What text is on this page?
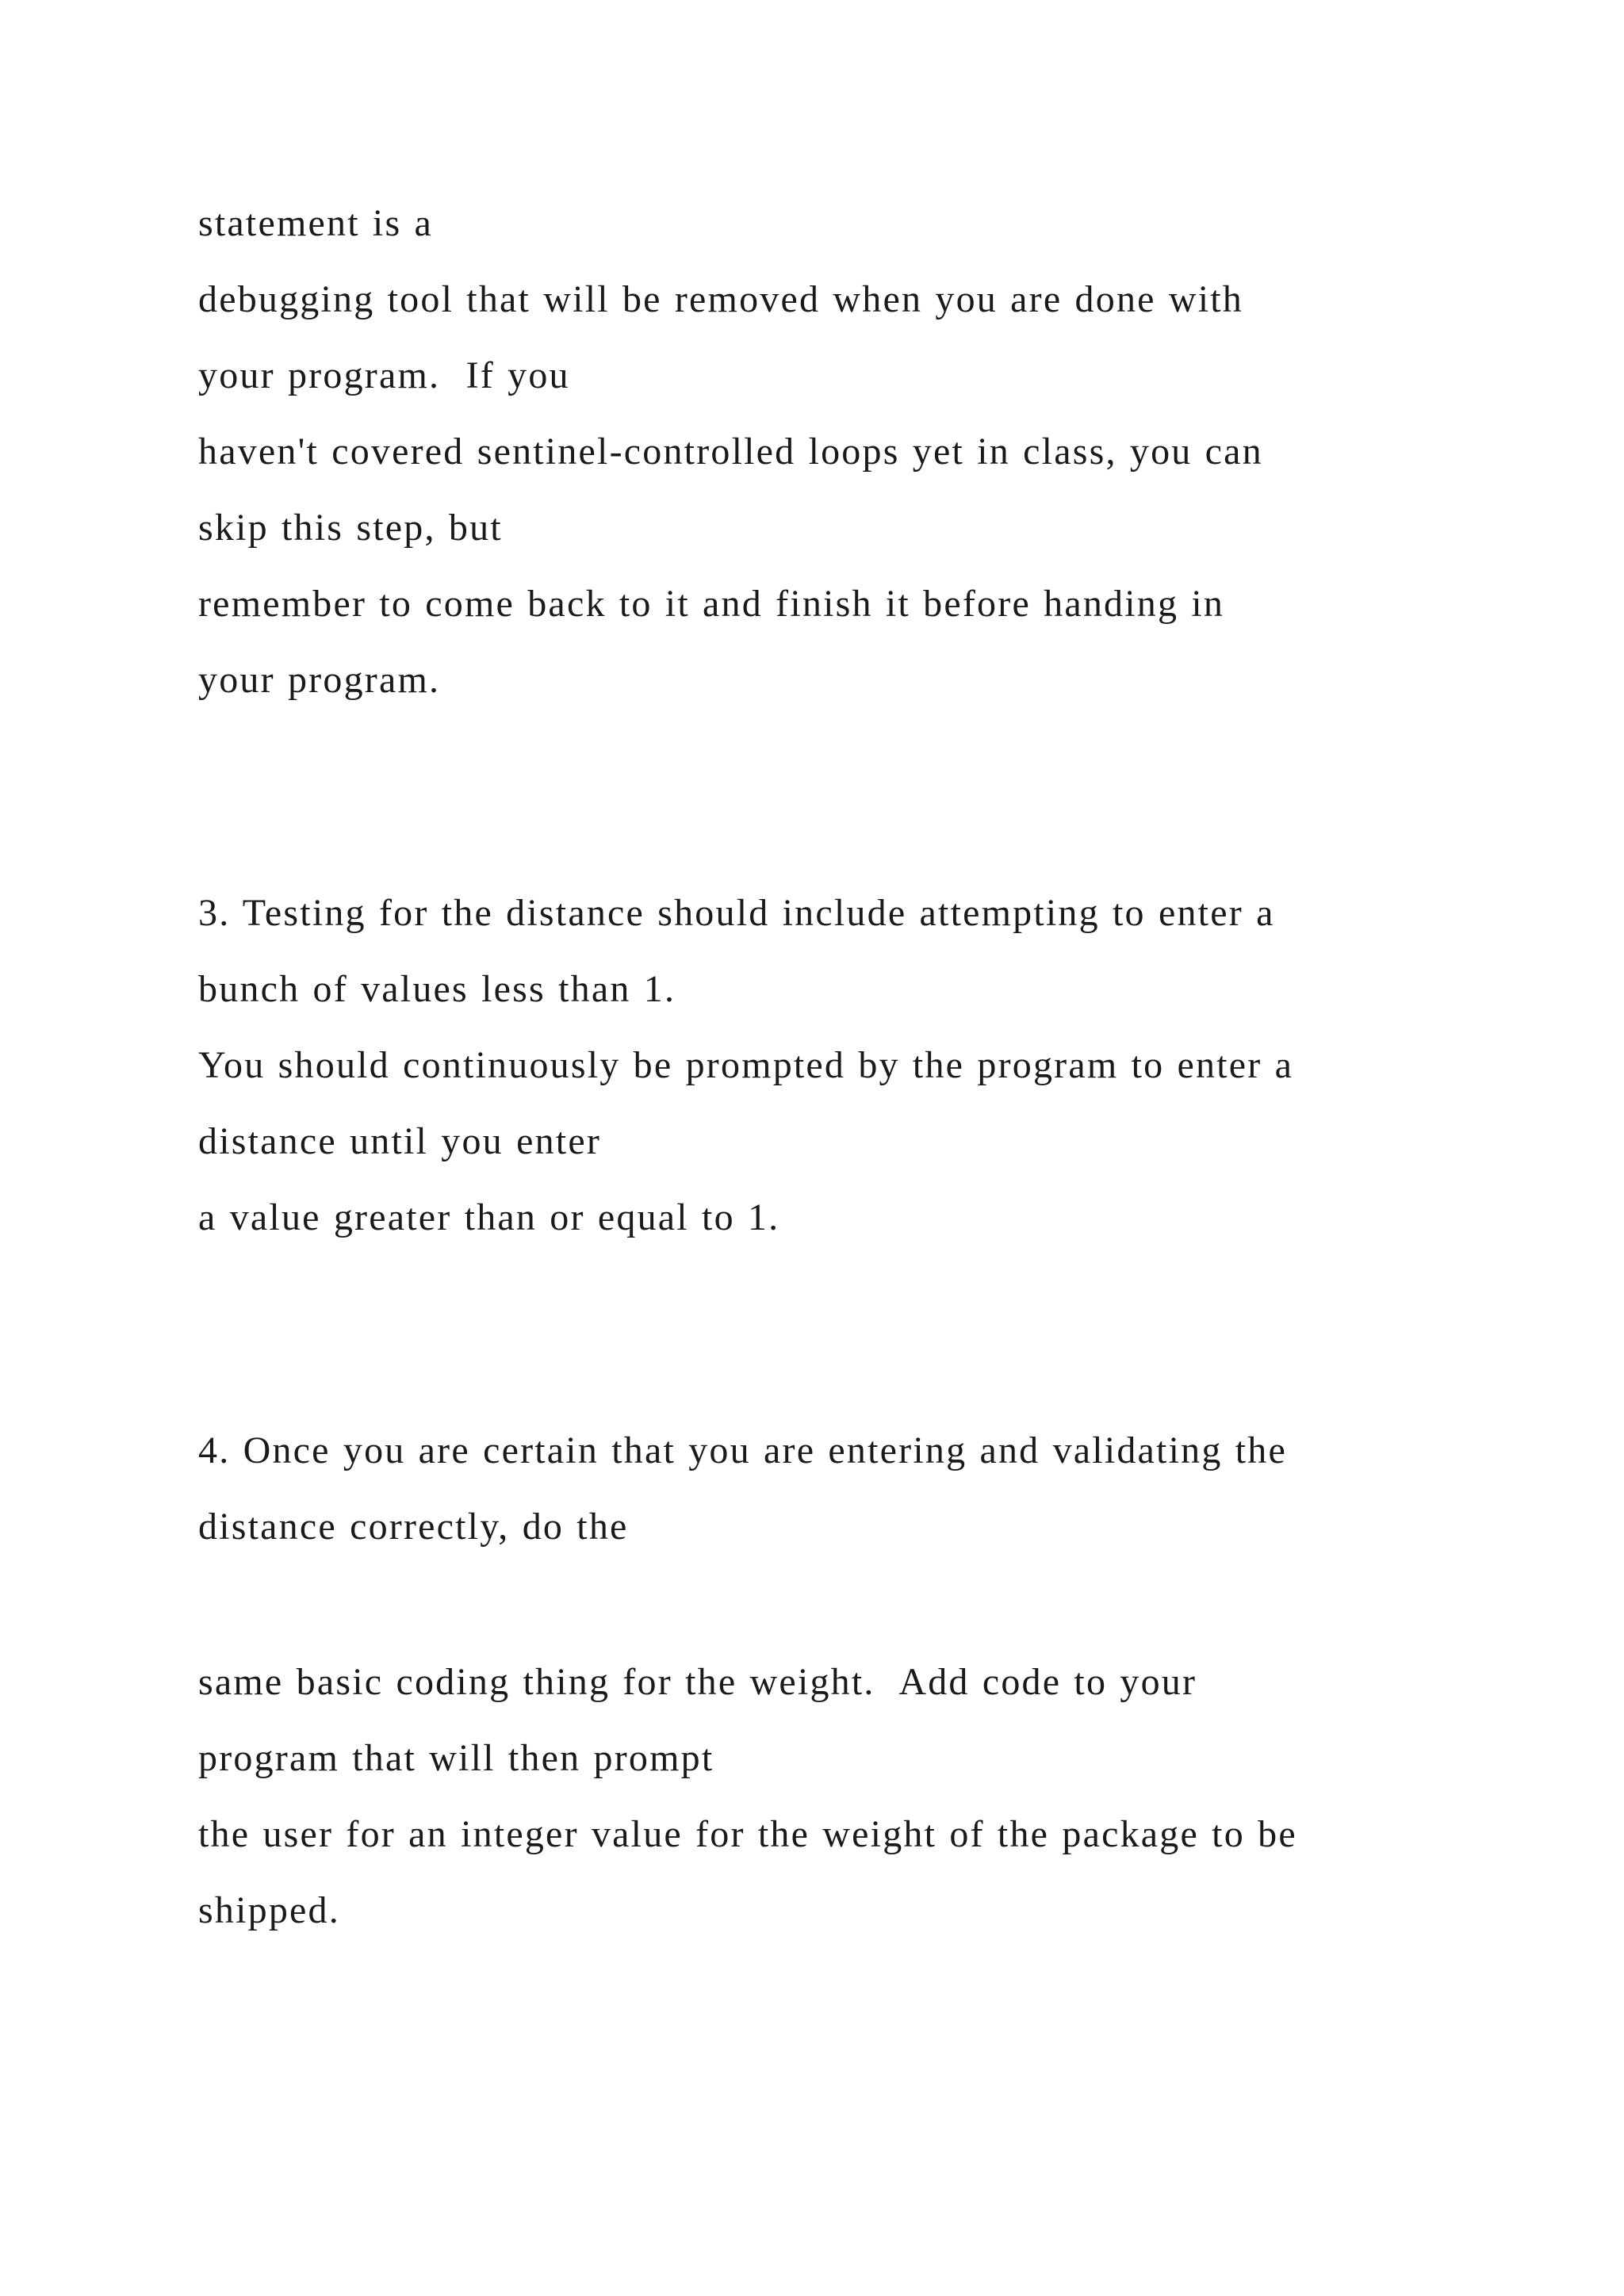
statement is a

debugging tool that will be removed when you are done with

your program.  If you

haven't covered sentinel-controlled loops yet in class, you can

skip this step, but

remember to come back to it and finish it before handing in

your program.

3. Testing for the distance should include attempting to enter a

bunch of values less than 1.

You should continuously be prompted by the program to enter a

distance until you enter

a value greater than or equal to 1.

4. Once you are certain that you are entering and validating the

distance correctly, do the

same basic coding thing for the weight.  Add code to your

program that will then prompt

the user for an integer value for the weight of the package to be

shipped.
